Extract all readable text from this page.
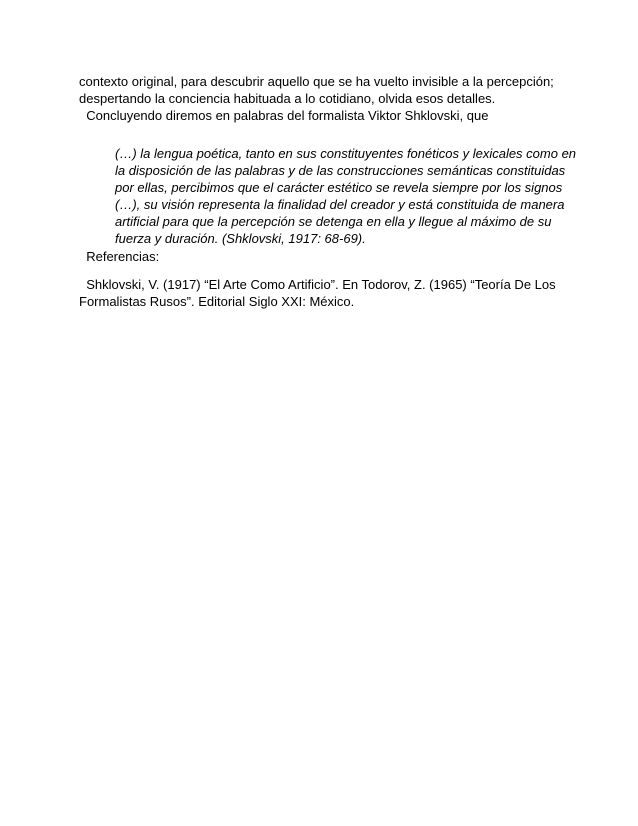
contexto original, para descubrir aquello que se ha vuelto invisible a la percepción;
despertando la conciencia habituada a lo cotidiano, olvida esos detalles.
Concluyendo diremos en palabras del formalista Viktor Shklovski, que
(…) la lengua poética, tanto en sus constituyentes fonéticos y lexicales como en
la disposición de las palabras y de las construcciones semánticas constituidas
por ellas, percibimos que el carácter estético se revela siempre por los signos
(…), su visión representa la finalidad del creador y está constituida de manera
artificial para que la percepción se detenga en ella y llegue al máximo de su
fuerza y duración. (Shklovski, 1917: 68-69).
Referencias:
Shklovski, V. (1917) “El Arte Como Artificio”. En Todorov, Z. (1965) “Teoría De Los
Formalistas Rusos”. Editorial Siglo XXI: México.
